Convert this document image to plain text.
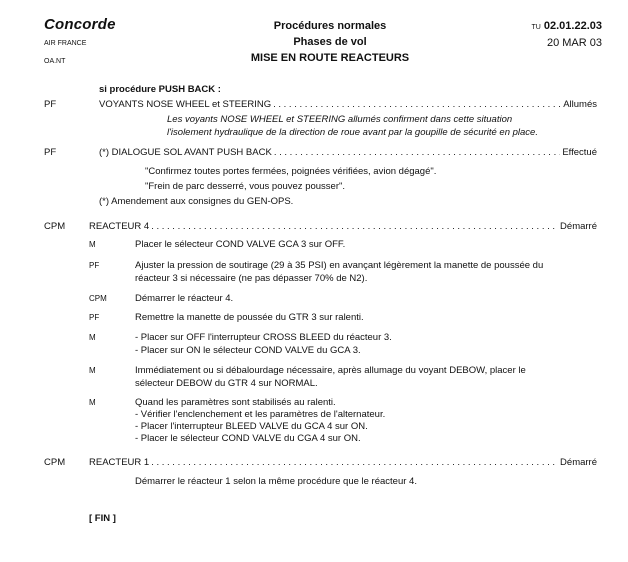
Concorde
AIR FRANCE
OA.NT
Procédures normales
Phases de vol
MISE EN ROUTE REACTEURS
TU 02.01.22.03
20 MAR 03
si procédure PUSH BACK :
PF	VOYANTS NOSE WHEEL et STEERING . . .	Allumés
Les voyants NOSE WHEEL et STEERING allumés confirment dans cette situation
l'isolement hydraulique de la direction de roue avant par la goupille de sécurité en place.
PF	(*) DIALOGUE SOL AVANT PUSH BACK . . .	Effectué
"Confirmez toutes portes fermées, poignées vérifiées, avion dégagé".
"Frein de parc desserré, vous pouvez pousser".
(*) Amendement aux consignes du GEN-OPS.
CPM	REACTEUR 4 . . .	Démarré
M	Placer le sélecteur COND VALVE GCA 3 sur OFF.
PF	Ajuster la pression de soutirage (29 à 35 PSI) en avançant légèrement la manette de poussée du
réacteur 3 si nécessaire (ne pas dépasser 70% de N2).
CPM	Démarrer le réacteur 4.
PF	Remettre la manette de poussée du GTR 3 sur ralenti.
M	- Placer sur OFF l'interrupteur CROSS BLEED du réacteur 3.
- Placer sur ON le sélecteur COND VALVE du GCA 3.
M	Immédiatement ou si débalourdage nécessaire, après allumage du voyant DEBOW, placer le
sélecteur DEBOW du GTR 4 sur NORMAL.
M	Quand les paramètres sont stabilisés au ralenti.
- Vérifier l'enclenchement et les paramètres de l'alternateur.
- Placer l'interrupteur BLEED VALVE du GCA 4 sur ON.
- Placer le sélecteur COND VALVE du CGA 4 sur ON.
CPM	REACTEUR 1 . . .	Démarré
Démarrer le réacteur 1 selon la même procédure que le réacteur 4.
[ FIN ]
